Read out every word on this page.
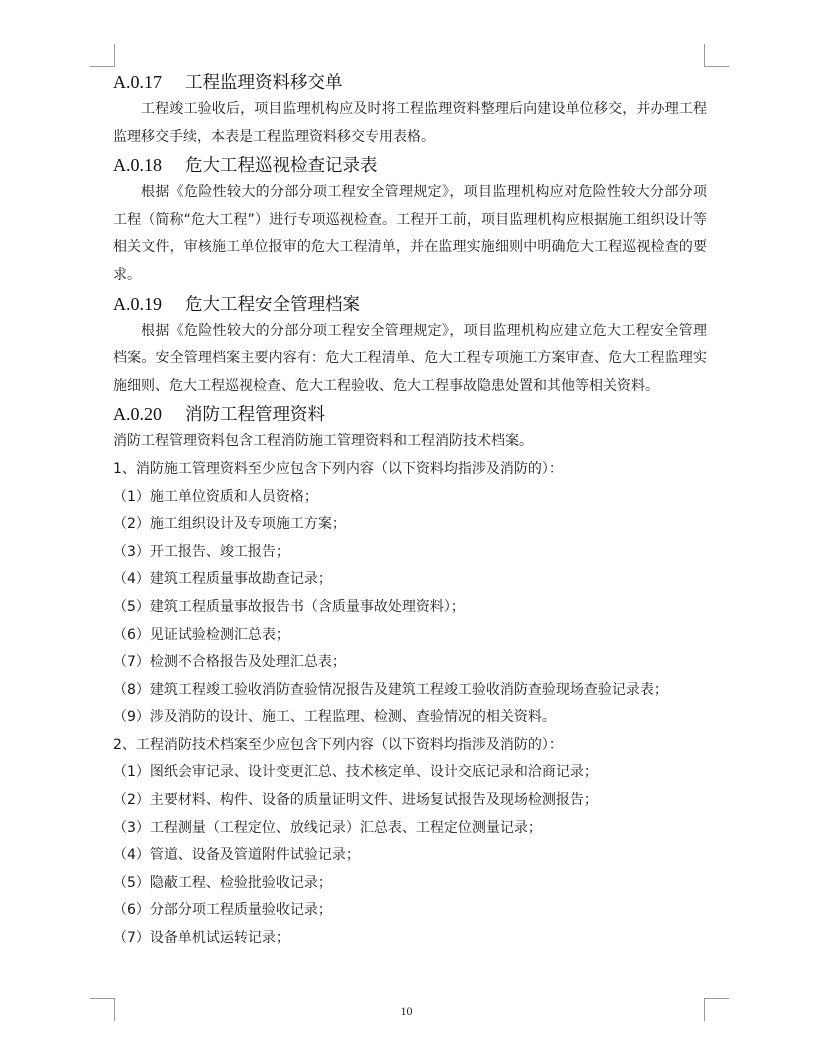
A.0.17 工程监理资料移交单

工程竣工验收后，项目监理机构应及时将工程监理资料整理后向建设单位移交，并办理工程监理移交手续，本表是工程监理资料移交专用表格。

A.0.18 危大工程巡视检查记录表

根据《危险性较大的分部分项工程安全管理规定》，项目监理机构应对危险性较大分部分项工程（简称“危大工程”）进行专项巡视检查。工程开工前，项目监理机构应根据施工组织设计等相关文件，审核施工单位报审的危大工程清单，并在监理实施细则中明确危大工程巡视检查的要求。

A.0.19 危大工程安全管理档案

根据《危险性较大的分部分项工程安全管理规定》，项目监理机构应建立危大工程安全管理档案。安全管理档案主要内容有：危大工程清单、危大工程专项施工方案审查、危大工程监理实施细则、危大工程巡视检查、危大工程验收、危大工程事故隐患处置和其他等相关资料。

A.0.20 消防工程管理资料

消防工程管理资料包含工程消防施工管理资料和工程消防技术档案。

1、消防施工管理资料至少应包含下列内容（以下资料均指涉及消防的）：

（1）施工单位资质和人员资格；

（2）施工组织设计及专项施工方案；

（3）开工报告、竣工报告；

（4）建筑工程质量事故勘查记录；

（5）建筑工程质量事故报告书（含质量事故处理资料）；

（6）见证试验检测汇总表；

（7）检测不合格报告及处理汇总表；

（8）建筑工程竣工验收消防查验情况报告及建筑工程竣工验收消防查验现场查验记录表；

（9）涉及消防的设计、施工、工程监理、检测、查验情况的相关资料。

2、工程消防技术档案至少应包含下列内容（以下资料均指涉及消防的）：

（1）图纸会审记录、设计变更汇总、技术核定单、设计交底记录和洽商记录；

（2）主要材料、构件、设备的质量证明文件、进场复试报告及现场检测报告；

（3）工程测量（工程定位、放线记录）汇总表、工程定位测量记录；

（4）管道、设备及管道附件试验记录；

（5）隐蔽工程、检验批验收记录；

（6）分部分项工程质量验收记录；

（7）设备单机试运转记录；

10
